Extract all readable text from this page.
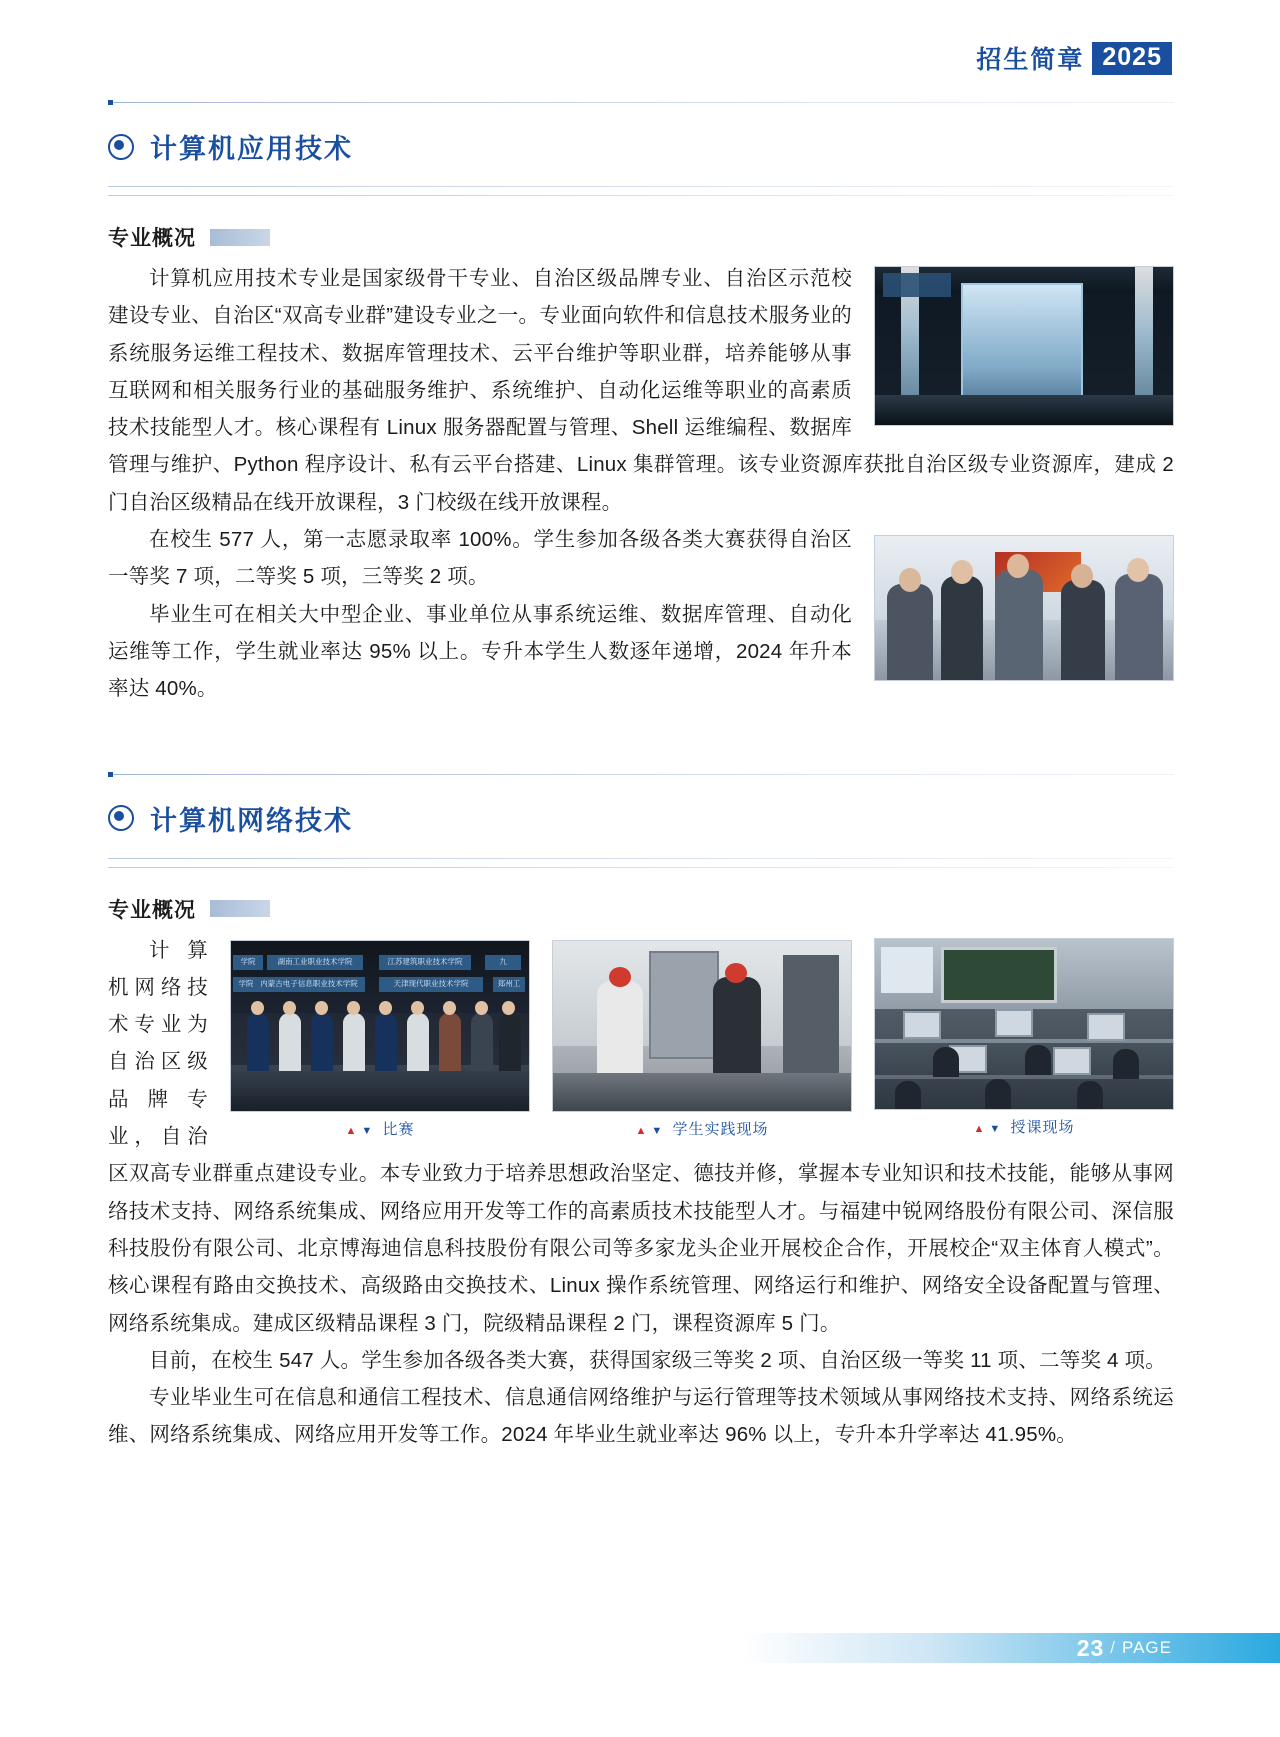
招生简章 2025
计算机应用技术
专业概况

计算机应用技术专业是国家级骨干专业、自治区级品牌专业、自治区示范校建设专业、自治区“双高专业群”建设专业之一。专业面向软件和信息技术服务业的系统服务运维工程技术、数据库管理技术、云平台维护等职业群，培养能够从事互联网和相关服务行业的基础服务维护、系统维护、自动化运维等职业的高素质技术技能型人才。核心课程有 Linux 服务器配置与管理、Shell 运维编程、数据库管理与维护、Python 程序设计、私有云平台搭建、Linux 集群管理。该专业资源库获批自治区级专业资源库，建成 2 门自治区级精品在线开放课程，3 门校级在线开放课程。

在校生 577 人，第一志愿录取率 100%。学生参加各级各类大赛获得自治区一等奖 7 项，二等奖 5 项，三等奖 2 项。

毕业生可在相关大中型企业、事业单位从事系统运维、数据库管理、自动化运维等工作，学生就业率达 95% 以上。专升本学生人数逐年递增，2024 年升本率达 40%。

计算机网络技术
专业概况
▲ ▼ 授课现场
▲ ▼ 学生实践现场
学院	湖南工业职业技术学院	江苏建筑职业技术学院	九
学院 内蒙古电子信息职业技术学院	天津现代职业技术学院	郑州工
▲ ▼ 比赛

计算机网络技术专业为自治区级品牌专业，自治区双高专业群重点建设专业。本专业致力于培养思想政治坚定、德技并修，掌握本专业知识和技术技能，能够从事网络技术支持、网络系统集成、网络应用开发等工作的高素质技术技能型人才。与福建中锐网络股份有限公司、深信服科技股份有限公司、北京博海迪信息科技股份有限公司等多家龙头企业开展校企合作，开展校企“双主体育人模式”。核心课程有路由交换技术、高级路由交换技术、Linux 操作系统管理、网络运行和维护、网络安全设备配置与管理、网络系统集成。建成区级精品课程 3 门，院级精品课程 2 门，课程资源库 5 门。

目前，在校生 547 人。学生参加各级各类大赛，获得国家级三等奖 2 项、自治区级一等奖 11 项、二等奖 4 项。

专业毕业生可在信息和通信工程技术、信息通信网络维护与运行管理等技术领域从事网络技术支持、网络系统运维、网络系统集成、网络应用开发等工作。2024 年毕业生就业率达 96% 以上，专升本升学率达 41.95%。

23 / PAGE
